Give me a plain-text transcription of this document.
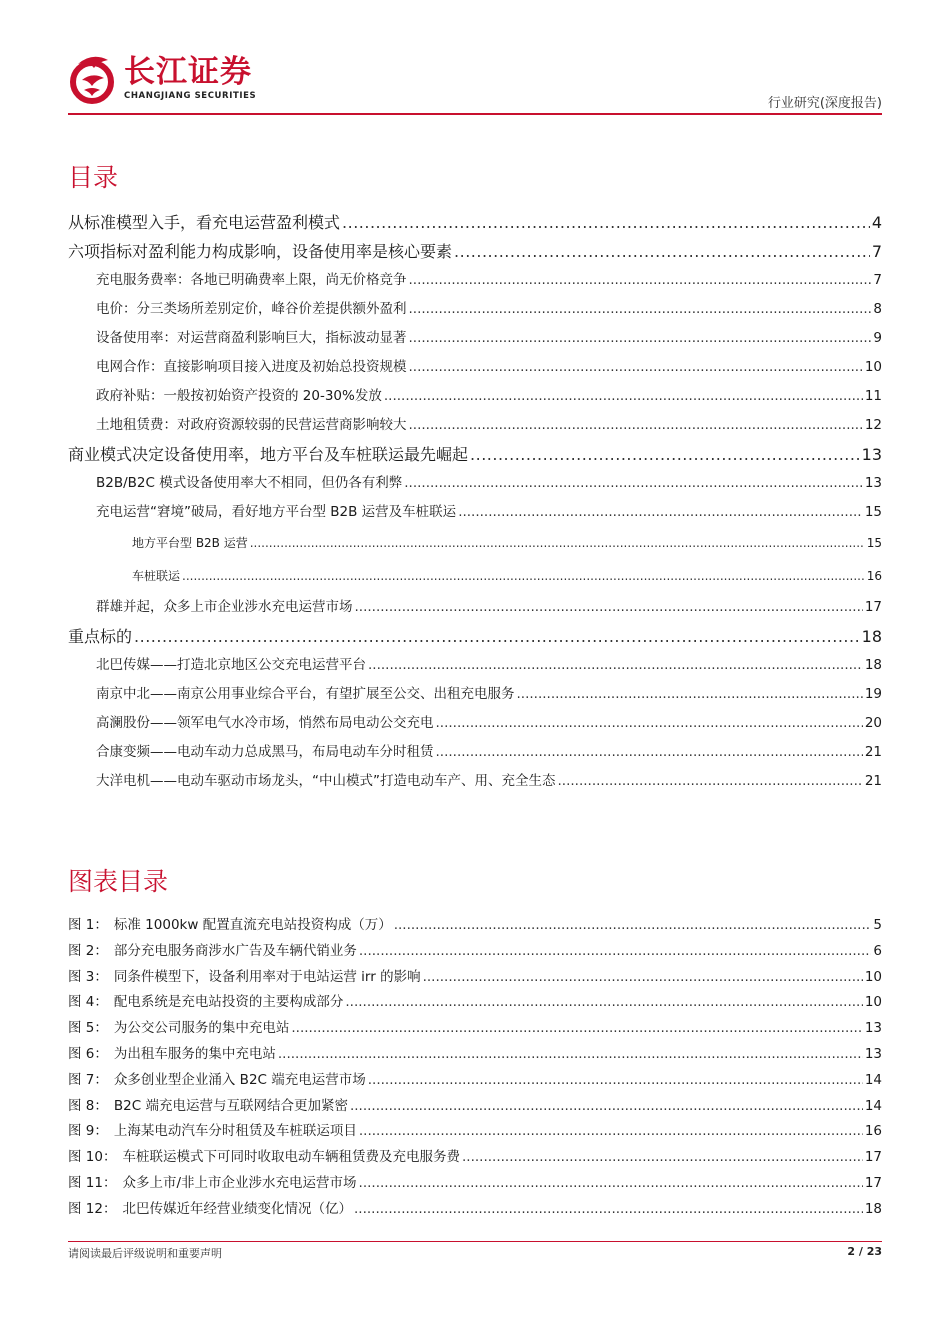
长江证券
CHANGJIANG SECURITIES	行业研究(深度报告)
目录
从标准模型入手，看充电运营盈利模式 .....	4
六项指标对盈利能力构成影响，设备使用率是核心要素 .....	7
充电服务费率：各地已明确费率上限，尚无价格竞争 .....	7
电价：分三类场所差别定价，峰谷价差提供额外盈利 .....	8
设备使用率：对运营商盈利影响巨大，指标波动显著 .....	9
电网合作：直接影响项目接入进度及初始总投资规模 .....	10
政府补贴：一般按初始资产投资的 20-30%发放 .....	11
土地租赁费：对政府资源较弱的民营运营商影响较大 .....	12
商业模式决定设备使用率，地方平台及车桩联运最先崛起 .....	13
B2B/B2C 模式设备使用率大不相同，但仍各有利弊 .....	13
充电运营“窘境”破局，看好地方平台型 B2B 运营及车桩联运 .....	15
地方平台型 B2B 运营 .....	15
车桩联运 .....	16
群雄并起，众多上市企业涉水充电运营市场 .....	17
重点标的 .....	18
北巴传媒——打造北京地区公交充电运营平台 .....	18
南京中北——南京公用事业综合平台，有望扩展至公交、出租充电服务 .....	19
高澜股份——领军电气水冷市场，悄然布局电动公交充电 .....	20
合康变频——电动车动力总成黑马，布局电动车分时租赁 .....	21
大洋电机——电动车驱动市场龙头，“中山模式”打造电动车产、用、充全生态 .....	21
图表目录
图 1： 标准 1000kw 配置直流充电站投资构成（万） .....	5
图 2： 部分充电服务商涉水广告及车辆代销业务 .....	6
图 3： 同条件模型下，设备利用率对于电站运营 irr 的影响 .....	10
图 4： 配电系统是充电站投资的主要构成部分 .....	10
图 5： 为公交公司服务的集中充电站 .....	13
图 6： 为出租车服务的集中充电站 .....	13
图 7： 众多创业型企业涌入 B2C 端充电运营市场 .....	14
图 8： B2C 端充电运营与互联网结合更加紧密 .....	14
图 9： 上海某电动汽车分时租赁及车桩联运项目 .....	16
图 10： 车桩联运模式下可同时收取电动车辆租赁费及充电服务费 .....	17
图 11： 众多上市/非上市企业涉水充电运营市场 .....	17
图 12： 北巴传媒近年经营业绩变化情况（亿） .....	18
请阅读最后评级说明和重要声明	2 / 23
